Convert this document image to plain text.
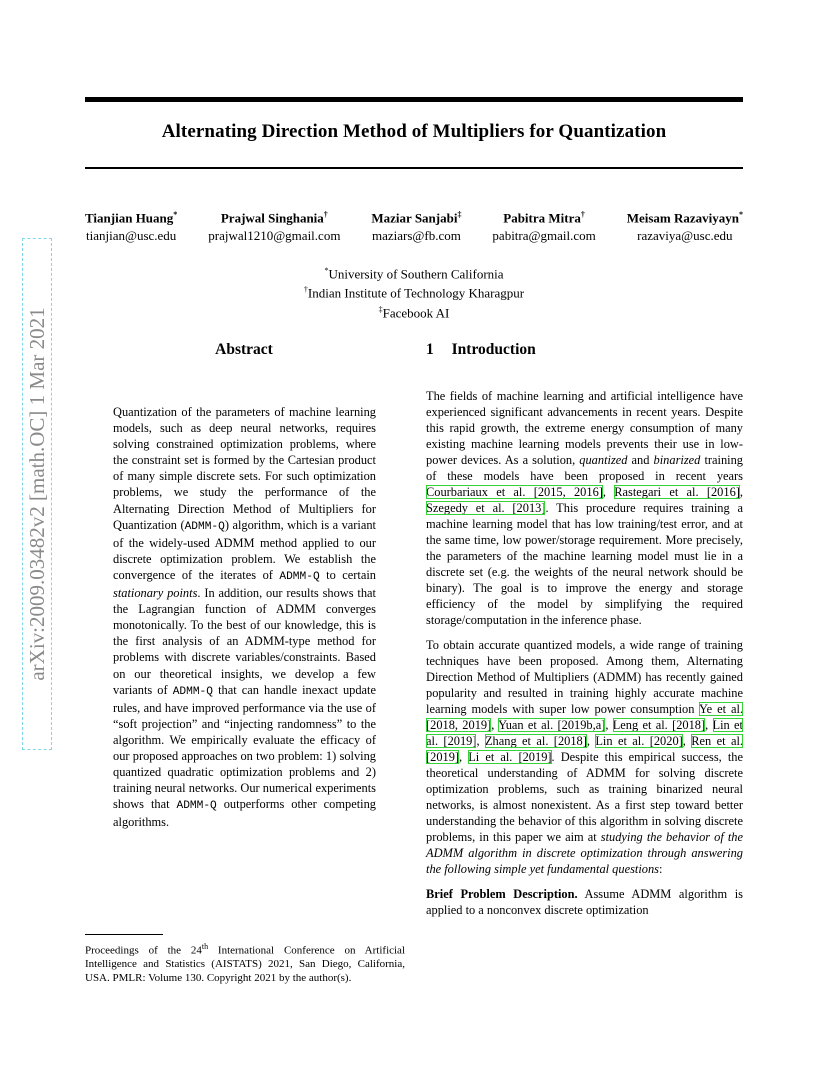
Alternating Direction Method of Multipliers for Quantization
arXiv:2009.03482v2 [math.OC] 1 Mar 2021
Tianjian Huang*
tianjian@usc.edu
Prajwal Singhania†
prajwal1210@gmail.com
Maziar Sanjabi‡
maziars@fb.com
Pabitra Mitra†
pabitra@gmail.com
Meisam Razaviyayn*
razaviya@usc.edu
*University of Southern California
†Indian Institute of Technology Kharagpur
‡Facebook AI
Abstract
Quantization of the parameters of machine learning models, such as deep neural networks, requires solving constrained optimization problems, where the constraint set is formed by the Cartesian product of many simple discrete sets. For such optimization problems, we study the performance of the Alternating Direction Method of Multipliers for Quantization (ADMM-Q) algorithm, which is a variant of the widely-used ADMM method applied to our discrete optimization problem. We establish the convergence of the iterates of ADMM-Q to certain stationary points. In addition, our results shows that the Lagrangian function of ADMM converges monotonically. To the best of our knowledge, this is the first analysis of an ADMM-type method for problems with discrete variables/constraints. Based on our theoretical insights, we develop a few variants of ADMM-Q that can handle inexact update rules, and have improved performance via the use of “soft projection” and “injecting randomness” to the algorithm. We empirically evaluate the efficacy of our proposed approaches on two problem: 1) solving quantized quadratic optimization problems and 2) training neural networks. Our numerical experiments shows that ADMM-Q outperforms other competing algorithms.
Proceedings of the 24th International Conference on Artificial Intelligence and Statistics (AISTATS) 2021, San Diego, California, USA. PMLR: Volume 130. Copyright 2021 by the author(s).
1 Introduction

The fields of machine learning and artificial intelligence have experienced significant advancements in recent years. Despite this rapid growth, the extreme energy consumption of many existing machine learning models prevents their use in low-power devices. As a solution, quantized and binarized training of these models have been proposed in recent years Courbariaux et al. [2015, 2016], Rastegari et al. [2016], Szegedy et al. [2013]. This procedure requires training a machine learning model that has low training/test error, and at the same time, low power/storage requirement. More precisely, the parameters of the machine learning model must lie in a discrete set (e.g. the weights of the neural network should be binary). The goal is to improve the energy and storage efficiency of the model by simplifying the required storage/computation in the inference phase.

To obtain accurate quantized models, a wide range of training techniques have been proposed. Among them, Alternating Direction Method of Multipliers (ADMM) has recently gained popularity and resulted in training highly accurate machine learning models with super low power consumption Ye et al. [2018, 2019], Yuan et al. [2019b,a], Leng et al. [2018], Lin et al. [2019], Zhang et al. [2018], Lin et al. [2020], Ren et al. [2019], Li et al. [2019]. Despite this empirical success, the theoretical understanding of ADMM for solving discrete optimization problems, such as training binarized neural networks, is almost nonexistent. As a first step toward better understanding the behavior of this algorithm in solving discrete problems, in this paper we aim at studying the behavior of the ADMM algorithm in discrete optimization through answering the following simple yet fundamental questions:

Brief Problem Description. Assume ADMM algorithm is applied to a nonconvex discrete optimization
